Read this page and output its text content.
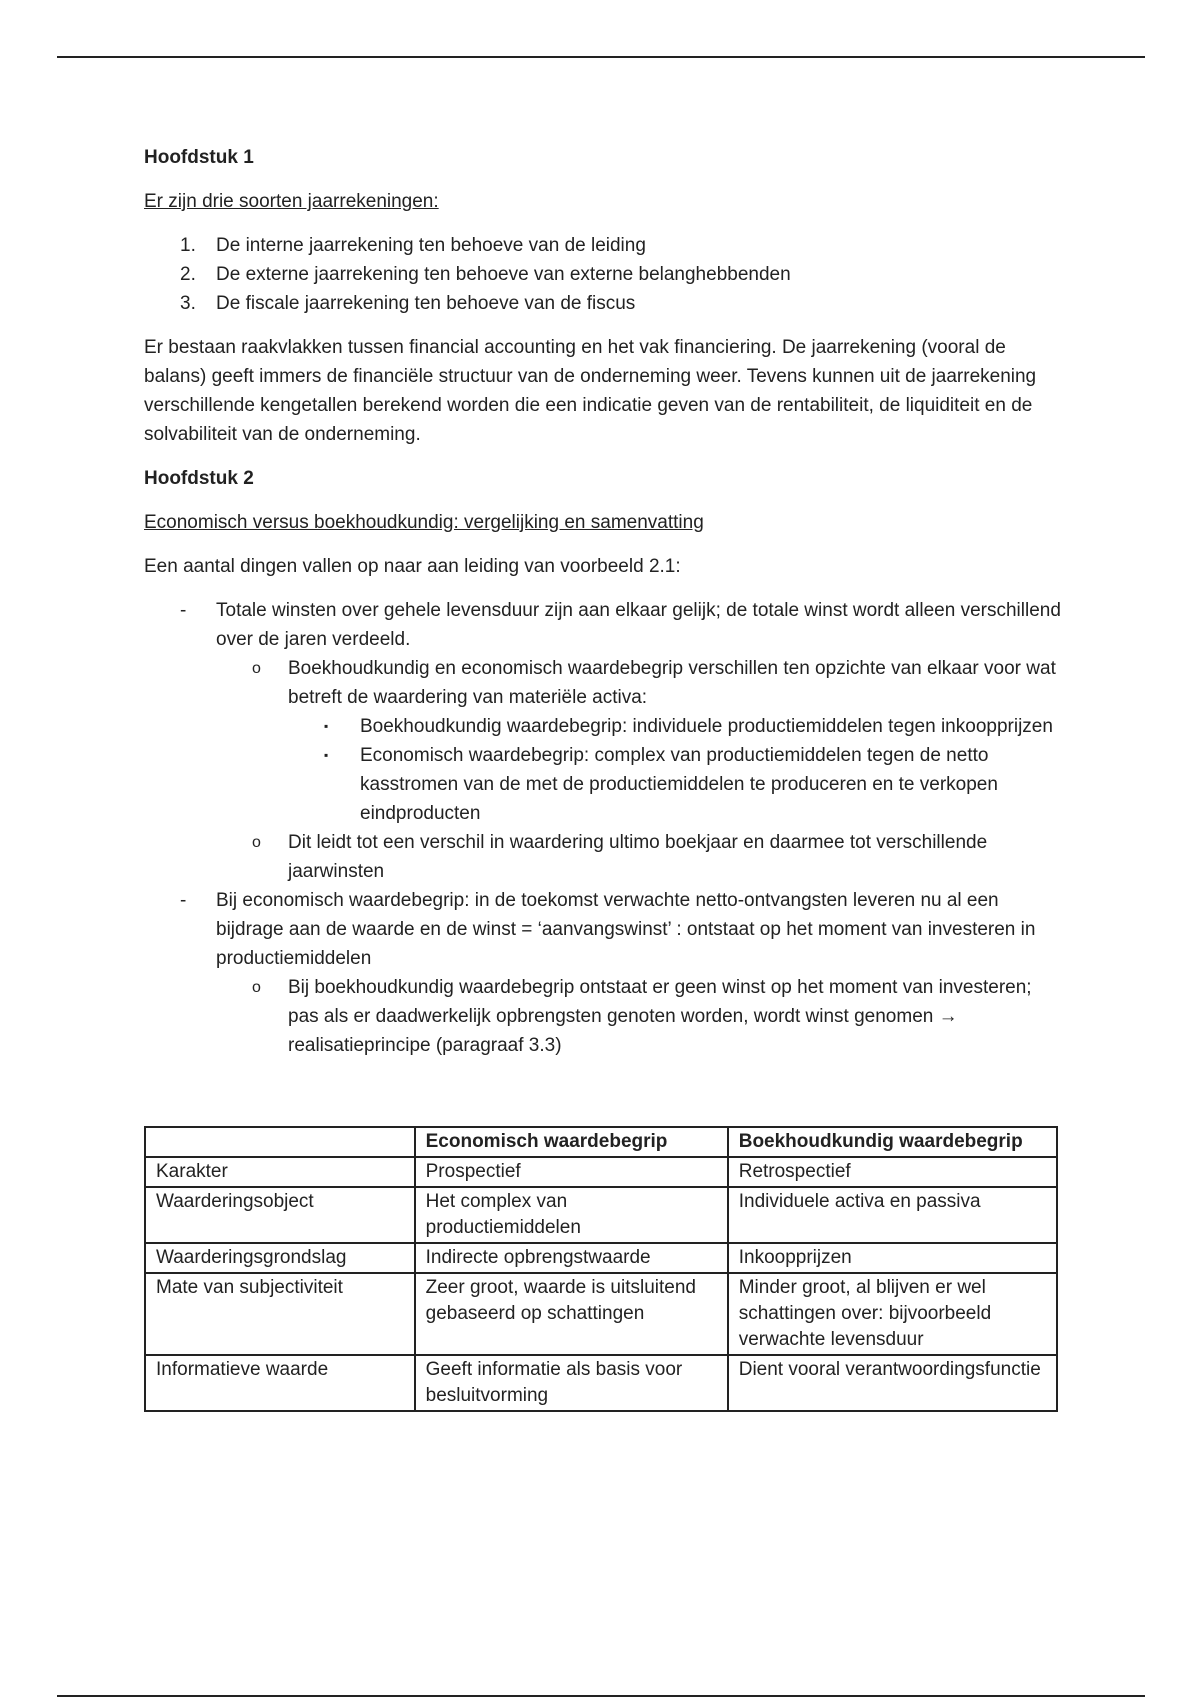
Hoofdstuk 1
Er zijn drie soorten jaarrekeningen:
1. De interne jaarrekening ten behoeve van de leiding
2. De externe jaarrekening ten behoeve van externe belanghebbenden
3. De fiscale jaarrekening ten behoeve van de fiscus
Er bestaan raakvlakken tussen financial accounting en het vak financiering. De jaarrekening (vooral de balans) geeft immers de financiële structuur van de onderneming weer. Tevens kunnen uit de jaarrekening verschillende kengetallen berekend worden die een indicatie geven van de rentabiliteit, de liquiditeit en de solvabiliteit van de onderneming.
Hoofdstuk 2
Economisch versus boekhoudkundig: vergelijking en samenvatting
Een aantal dingen vallen op naar aan leiding van voorbeeld 2.1:
- Totale winsten over gehele levensduur zijn aan elkaar gelijk; de totale winst wordt alleen verschillend over de jaren verdeeld.
o Boekhoudkundig en economisch waardebegrip verschillen ten opzichte van elkaar voor wat betreft de waardering van materiële activa:
▪ Boekhoudkundig waardebegrip: individuele productiemiddelen tegen inkoopprijzen
▪ Economisch waardebegrip: complex van productiemiddelen tegen de netto kasstromen van de met de productiemiddelen te produceren en te verkopen eindproducten
o Dit leidt tot een verschil in waardering ultimo boekjaar en daarmee tot verschillende jaarwinsten
- Bij economisch waardebegrip: in de toekomst verwachte netto-ontvangsten leveren nu al een bijdrage aan de waarde en de winst = ‘aanvangswinst’ : ontstaat op het moment van investeren in productiemiddelen
o Bij boekhoudkundig waardebegrip ontstaat er geen winst op het moment van investeren; pas als er daadwerkelijk opbrengsten genoten worden, wordt winst genomen → realisatieprincipe (paragraaf 3.3)
	Economisch waardebegrip	Boekhoudkundig waardebegrip
Karakter	Prospectief	Retrospectief
Waarderingsobject	Het complex van productiemiddelen	Individuele activa en passiva
Waarderingsgrondslag	Indirecte opbrengstwaarde	Inkoopprijzen
Mate van subjectiviteit	Zeer groot, waarde is uitsluitend gebaseerd op schattingen	Minder groot, al blijven er wel schattingen over: bijvoorbeeld verwachte levensduur
Informatieve waarde	Geeft informatie als basis voor besluitvorming	Dient vooral verantwoordingsfunctie
